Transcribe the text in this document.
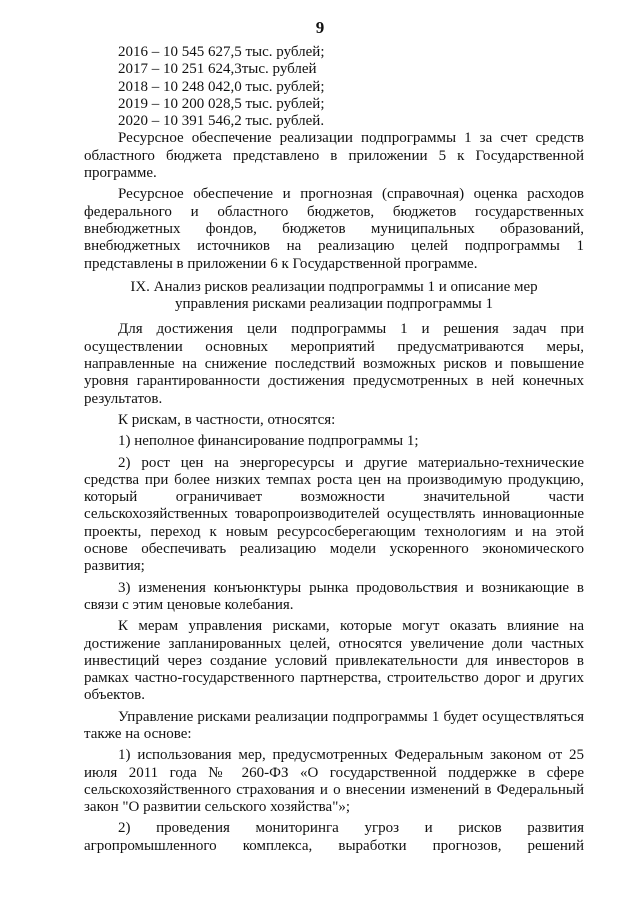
9
2016 – 10 545 627,5 тыс. рублей;
2017 – 10 251 624,3тыс. рублей
2018 – 10 248 042,0 тыс. рублей;
2019 – 10 200 028,5 тыс. рублей;
2020 – 10 391 546,2 тыс. рублей.

Ресурсное обеспечение реализации подпрограммы 1 за счет средств областного бюджета представлено в приложении 5 к Государственной программе.

Ресурсное обеспечение и прогнозная (справочная) оценка расходов федерального и областного бюджетов, бюджетов государственных внебюджетных фондов, бюджетов муниципальных образований, внебюджетных источников на реализацию целей подпрограммы 1 представлены в приложении 6 к Государственной программе.

IX. Анализ рисков реализации подпрограммы 1 и описание мер
управления рисками реализации подпрограммы 1

Для достижения цели подпрограммы 1 и решения задач при осуществлении основных мероприятий предусматриваются меры, направленные на снижение последствий возможных рисков и повышение уровня гарантированности достижения предусмотренных в ней конечных результатов.

К рискам, в частности, относятся:

1) неполное финансирование подпрограммы 1;

2) рост цен на энергоресурсы и другие материально-технические средства при более низких темпах роста цен на производимую продукцию, который ограничивает возможности значительной части сельскохозяйственных товаропроизводителей осуществлять инновационные проекты, переход к новым ресурсосберегающим технологиям и на этой основе обеспечивать реализацию модели ускоренного экономического развития;

3) изменения конъюнктуры рынка продовольствия и возникающие в связи с этим ценовые колебания.

К мерам управления рисками, которые могут оказать влияние на достижение запланированных целей, относятся увеличение доли частных инвестиций через создание условий привлекательности для инвесторов в рамках частно-государственного партнерства, строительство дорог и других объектов.

Управление рисками реализации подпрограммы 1 будет осуществляться также на основе:

1) использования мер, предусмотренных Федеральным законом от 25 июля 2011 года № 260-ФЗ «О государственной поддержке в сфере сельскохозяйственного страхования и о внесении изменений в Федеральный закон "О развитии сельского хозяйства"»;

2) проведения мониторинга угроз и рисков развития агропромышленного комплекса, выработки прогнозов, решений
